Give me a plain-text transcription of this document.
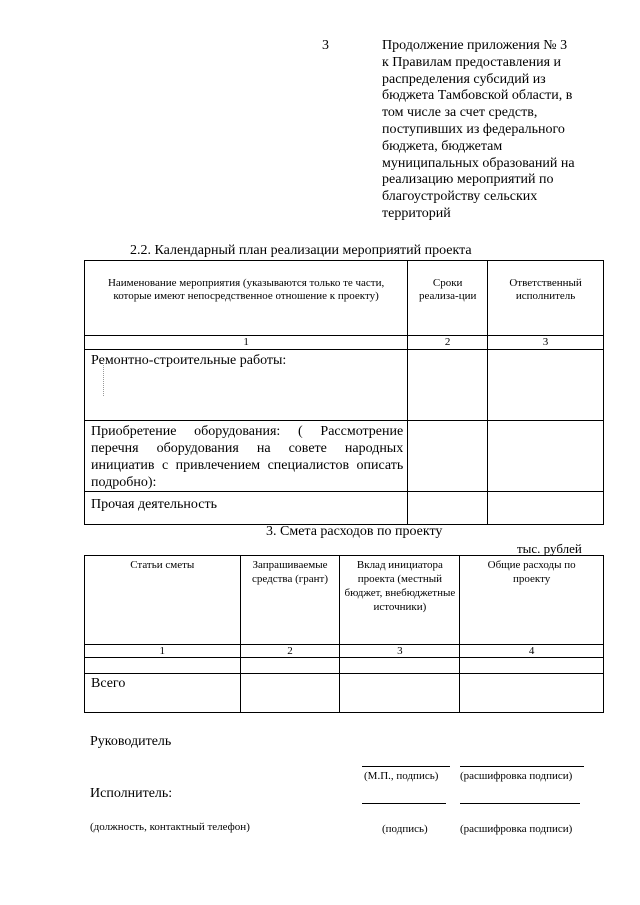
3	Продолжение приложения № 3
к Правилам предоставления и
распределения субсидий из
бюджета Тамбовской области, в
том числе за счет средств,
поступивших из федерального
бюджета, бюджетам
муниципальных образований на
реализацию мероприятий по
благоустройству сельских
территорий
2.2. Календарный план реализации мероприятий проекта
Наименование мероприятия (указываются только те части, которые имеют непосредственное отношение к проекту)	Сроки реализа-ции	Ответственный исполнитель
1	2	3
Ремонтно-строительные работы:		
Приобретение оборудования: ( Рассмотрение перечня оборудования на совете народных инициатив с привлечением специалистов описать подробно):		
Прочая деятельность		
3. Смета расходов по проекту
тыс. рублей
Статьи сметы	Запрашиваемые средства (грант)	Вклад инициатора проекта (местный бюджет, внебюджетные источники)	Общие расходы по проекту
1	2	3	4

Всего			
Руководитель
(М.П., подпись) (расшифровка подписи)
Исполнитель:
(должность, контактный телефон)	(подпись)	(расшифровка подписи)
